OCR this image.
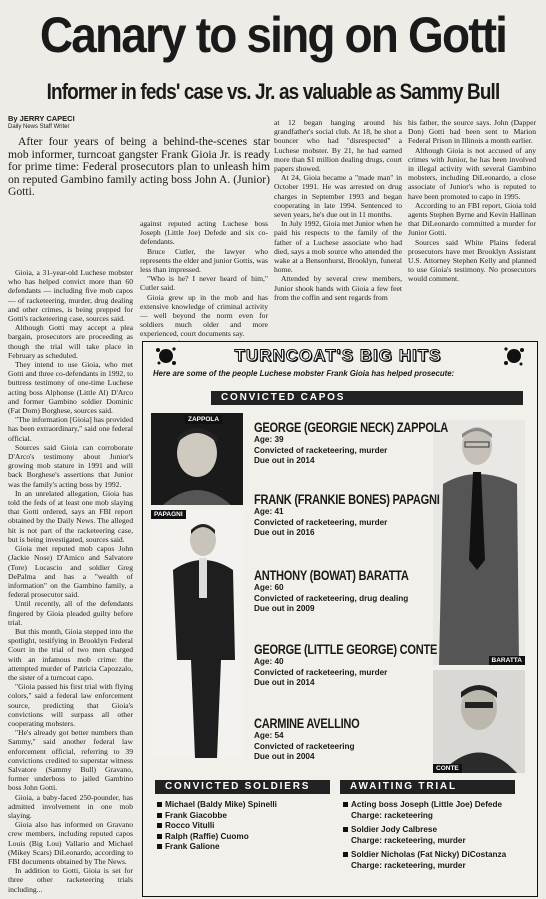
Canary to sing on Gotti
Informer in feds' case vs. Jr. as valuable as Sammy Bull
By JERRY CAPECI
Daily News Staff Writer

After four years of being a behind-the-scenes star mob informer, turncoat gangster Frank Gioia Jr. is ready for prime time: Federal prosecutors plan to unleash him on reputed Gambino family acting boss John A. (Junior) Gotti.

Gioia, a 31-year-old Luchese mobster who has helped convict more than 60 defendants — including five mob capos — of racketeering, murder, drug dealing and other crimes, is being prepped for Gotti's racketeering case, sources said.

Although Gotti may accept a plea bargain, prosecutors are proceeding as though the trial will take place in February as scheduled.

They intend to use Gioia, who met Gotti and three co-defendants in 1992, to buttress testimony of one-time Luchese acting boss Alphonse (Little Al) D'Arco and former Gambino soldier Dominic (Fat Dom) Borghese, sources said.

"The information [Gioia] has provided has been extraordinary," said one federal official.

Sources said Gioia can corroborate D'Arco's testimony about Junior's growing mob stature in 1991 and will back Borghese's assertions that Junior was the family's acting boss by 1992.

In an unrelated allegation, Gioia has told the feds of at least one mob slaying that Gotti ordered, says an FBI report obtained by the Daily News. The alleged hit is not part of the racketeering case, but is being investigated, sources said.

Gioia met reputed mob capos John (Jackie Nose) D'Amico and Salvatore (Tore) Locascio and soldier Greg DePalma and has a "wealth of information" on the Gambino family, a federal prosecutor said.

Until recently, all of the defendants fingered by Gioia pleaded guilty before trial.

But this month, Gioia stepped into the spotlight, testifying in Brooklyn Federal Court in the trial of two men charged with an infamous mob crime: the attempted murder of Patricia Capozzalo, the sister of a turncoat capo.

"Gioia passed his first trial with flying colors," said a federal law enforcement source, predicting that Gioia's convictions will surpass all other cooperating mobsters.

"He's already got better numbers than Sammy," said another federal law enforcement official, referring to 39 convictions credited to superstar witness Salvatore (Sammy Bull) Gravano, former underboss to jailed Gambino boss John Gotti.

Gioia, a baby-faced 250-pounder, has admitted involvement in one mob slaying.

Gioia also has informed on Gravano crew members, including reputed capos Louis (Big Lou) Vallario and Michael (Mikey Scars) DiLeonardo, according to FBI documents obtained by The News.

In addition to Gotti, Gioia is set for three other racketeering trials including...

against reputed acting Luchese boss Joseph (Little Joe) Defede and six co-defendants.

Bruce Cutler, the lawyer who represents the elder and junior Gottis, was less than impressed.

"Who is he? I never heard of him," Cutler said.

Gioia grew up in the mob and has extensive knowledge of criminal activity — well beyond the norm even for soldiers much older and more experienced, court documents say.

at 12 began hanging around his grandfather's social club. At 18, he shot a bouncer who had "disrespected" a Luchese mobster. By 21, he had earned more than $1 million dealing drugs, court papers showed.

At 24, Gioia became a "made man" in October 1991. He was arrested on drug charges in September 1993 and began cooperating in late 1994. Sentenced to seven years, he's due out in 11 months.

In July 1992, Gioia met Junior when he paid his respects to the family of the father of a Luchese associate who had died, says a mob source who attended the wake at a Bensonhurst, Brooklyn, funeral home.

Attended by several crew members, Junior shook hands with Gioia a few feet from the coffin and sent regards from

his father, the source says. John (Dapper Don) Gotti had been sent to Marion Federal Prison in Illinois a month earlier.

Although Gioia is not accused of any crimes with Junior, he has been involved in illegal activity with several Gambino mobsters, including DiLeonardo, a close associate of Junior's who is reputed to have been promoted to capo in 1995.

According to an FBI report, Gioia told agents Stephen Byrne and Kevin Hallinan that DiLeonardo committed a murder for Junior Gotti.

Sources said White Plains federal prosecutors have met Brooklyn Assistant U.S. Attorney Stephen Kelly and planned to use Gioia's testimony. No prosecutors would comment.

TURNCOAT'S BIG HITS
Here are some of the people Luchese mobster Frank Gioia has helped prosecute:
CONVICTED CAPOS
ZAPPOLA
PAPAGNI
BARATTA
CONTE
GEORGE (GEORGIE NECK) ZAPPOLA
Age: 39
Convicted of racketeering, murder
Due out in 2014
FRANK (FRANKIE BONES) PAPAGNI
Age: 41
Convicted of racketeering, murder
Due out in 2016
ANTHONY (BOWAT) BARATTA
Age: 60
Convicted of racketeering, drug dealing
Due out in 2009
GEORGE (LITTLE GEORGE) CONTE
Age: 40
Convicted of racketeering, murder
Due out in 2014
CARMINE AVELLINO
Age: 54
Convicted of racketeering
Due out in 2004
CONVICTED SOLDIERS	AWAITING TRIAL
Michael (Baldy Mike) Spinelli
Frank Giacobbe
Rocco Vitulli
Ralph (Raffie) Cuomo
Frank Galione
Acting boss Joseph (Little Joe) Defede
Charge: racketeering
Soldier Jody Calbrese
Charge: racketeering, murder
Soldier Nicholas (Fat Nicky) DiCostanza
Charge: racketeering, murder
